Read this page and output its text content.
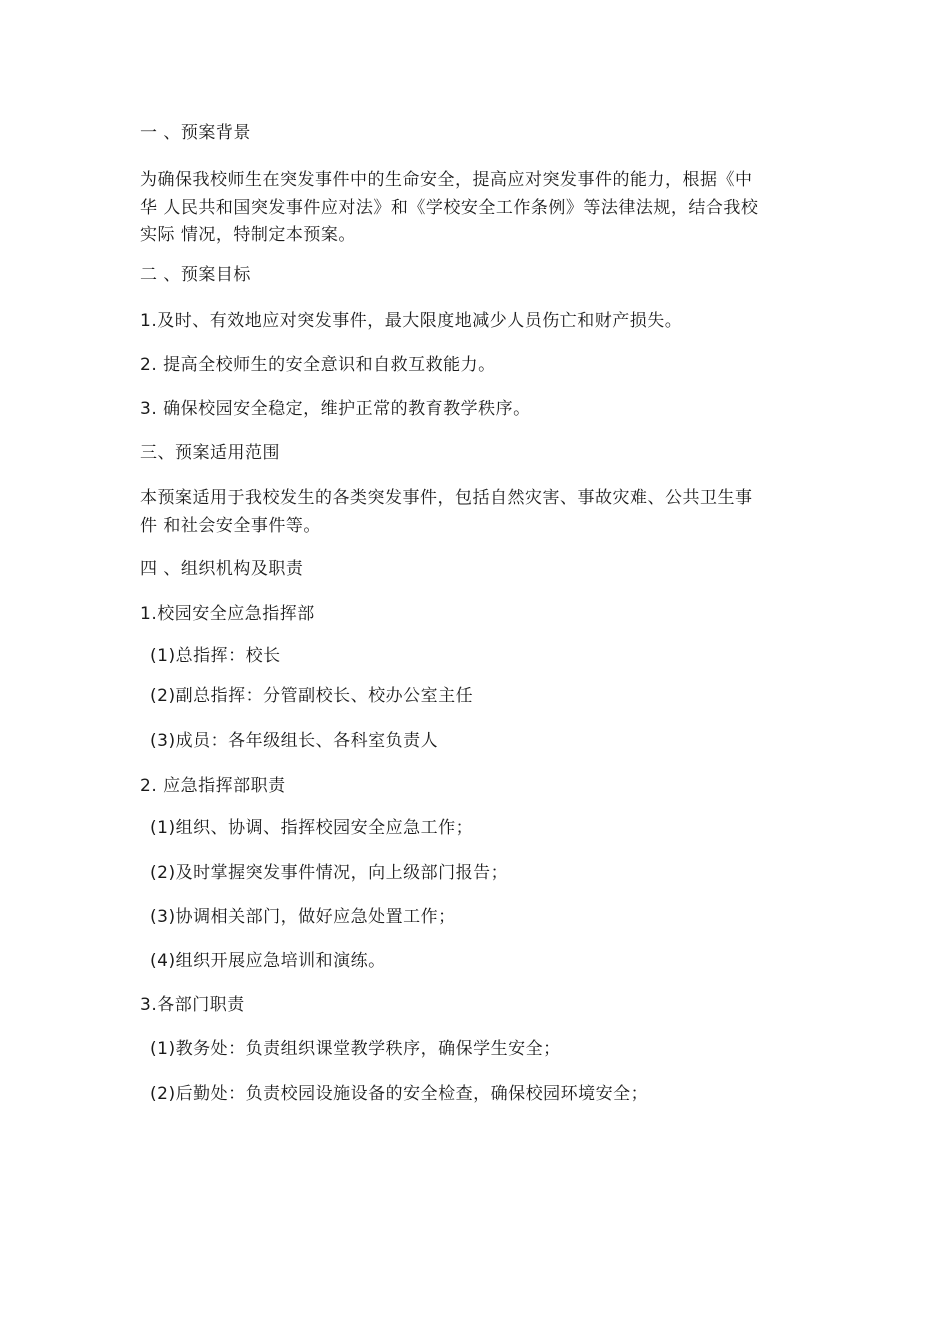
一 、预案背景
为确保我校师生在突发事件中的生命安全，提高应对突发事件的能力，根据《中
华 人民共和国突发事件应对法》和《学校安全工作条例》等法律法规，结合我校
实际 情况，特制定本预案。
二 、预案目标
1.及时、有效地应对突发事件，最大限度地减少人员伤亡和财产损失。
2. 提高全校师生的安全意识和自救互救能力。
3. 确保校园安全稳定，维护正常的教育教学秩序。
三、预案适用范围
本预案适用于我校发生的各类突发事件，包括自然灾害、事故灾难、公共卫生事
件 和社会安全事件等。
四 、组织机构及职责
1.校园安全应急指挥部
(1)总指挥：校长
(2)副总指挥：分管副校长、校办公室主任
(3)成员：各年级组长、各科室负责人
2. 应急指挥部职责
(1)组织、协调、指挥校园安全应急工作；
(2)及时掌握突发事件情况，向上级部门报告；
(3)协调相关部门，做好应急处置工作；
(4)组织开展应急培训和演练。
3.各部门职责
(1)教务处：负责组织课堂教学秩序，确保学生安全；
(2)后勤处：负责校园设施设备的安全检查，确保校园环境安全；
